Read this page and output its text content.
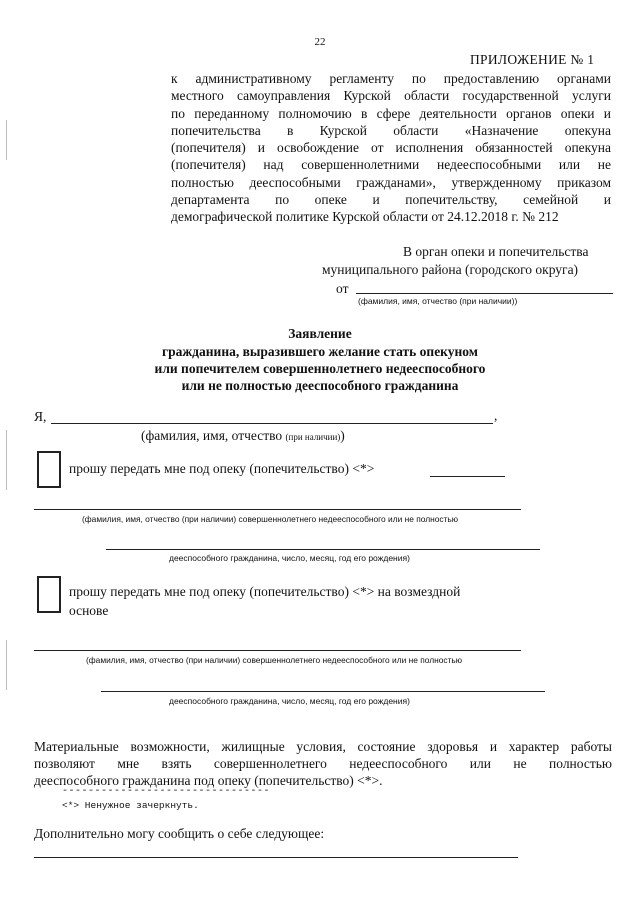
22
ПРИЛОЖЕНИЕ № 1
к административному регламенту по предоставлению органами
местного самоуправления Курской области государственной услуги
по переданному полномочию в сфере деятельности органов опеки и
попечительства в Курской области «Назначение опекуна
(попечителя) и освобождение от исполнения обязанностей опекуна
(попечителя) над совершеннолетними недееспособными или не
полностью дееспособными гражданами», утвержденному приказом
департамента по опеке и попечительству, семейной и
демографической политике Курской области от 24.12.2018 г. № 212
В орган опеки и попечительства
муниципального района (городского округа)
от
(фамилия, имя, отчество (при наличии))
Заявление
гражданина, выразившего желание стать опекуном
или попечителем совершеннолетнего недееспособного
или не полностью дееспособного гражданина
Я,	,
(фамилия, имя, отчество (при наличии))
прошу передать мне под опеку (попечительство) <*>
(фамилия, имя, отчество (при наличии) совершеннолетнего недееспособного или не полностью
дееспособного гражданина, число, месяц, год его рождения)
прошу передать мне под опеку (попечительство) <*> на возмездной
основе
(фамилия, имя, отчество (при наличии) совершеннолетнего недееспособного или не полностью
дееспособного гражданина, число, месяц, год его рождения)
Материальные возможности, жилищные условия, состояние здоровья и характер работы
позволяют мне взять совершеннолетнего недееспособного или не полностью
дееспособного гражданина под опеку (попечительство) <*>.
--------------------------------
<*> Ненужное зачеркнуть.
Дополнительно могу сообщить о себе следующее:
